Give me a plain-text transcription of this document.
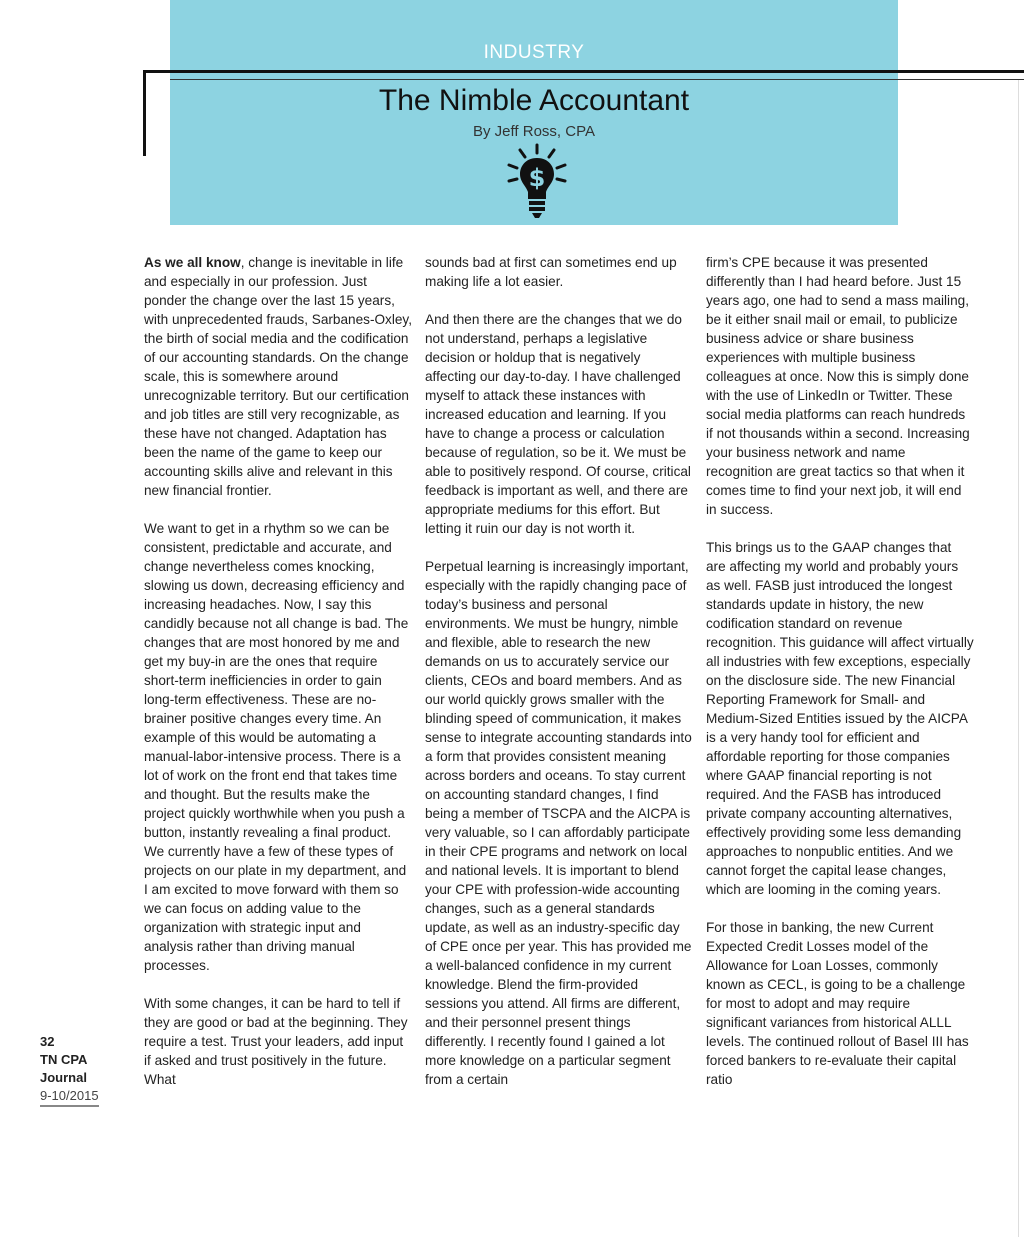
INDUSTRY
The Nimble Accountant
By Jeff Ross, CPA
$

As we all know, change is inevitable in life and especially in our profession. Just ponder the change over the last 15 years, with unprecedented frauds, Sarbanes-Oxley, the birth of social media and the codification of our accounting standards. On the change scale, this is somewhere around unrecognizable territory. But our certification and job titles are still very recognizable, as these have not changed. Adaptation has been the name of the game to keep our accounting skills alive and relevant in this new financial frontier.

We want to get in a rhythm so we can be consistent, predictable and accurate, and change nevertheless comes knocking, slowing us down, decreasing efficiency and increasing headaches. Now, I say this candidly because not all change is bad. The changes that are most honored by me and get my buy-in are the ones that require short-term inefficiencies in order to gain long-term effectiveness. These are no-brainer positive changes every time. An example of this would be automating a manual-labor-intensive process. There is a lot of work on the front end that takes time and thought. But the results make the project quickly worthwhile when you push a button, instantly revealing a final product. We currently have a few of these types of projects on our plate in my department, and I am excited to move forward with them so we can focus on adding value to the organization with strategic input and analysis rather than driving manual processes.

With some changes, it can be hard to tell if they are good or bad at the beginning. They require a test. Trust your leaders, add input if asked and trust positively in the future. What

sounds bad at first can sometimes end up making life a lot easier.

And then there are the changes that we do not understand, perhaps a legislative decision or holdup that is negatively affecting our day-to-day. I have challenged myself to attack these instances with increased education and learning. If you have to change a process or calculation because of regulation, so be it. We must be able to positively respond. Of course, critical feedback is important as well, and there are appropriate mediums for this effort. But letting it ruin our day is not worth it.

Perpetual learning is increasingly important, especially with the rapidly changing pace of today’s business and personal environments. We must be hungry, nimble and flexible, able to research the new demands on us to accurately service our clients, CEOs and board members. And as our world quickly grows smaller with the blinding speed of communication, it makes sense to integrate accounting standards into a form that provides consistent meaning across borders and oceans. To stay current on accounting standard changes, I find being a member of TSCPA and the AICPA is very valuable, so I can affordably participate in their CPE programs and network on local and national levels. It is important to blend your CPE with profession-wide accounting changes, such as a general standards update, as well as an industry-specific day of CPE once per year. This has provided me a well-balanced confidence in my current knowledge. Blend the firm-provided sessions you attend. All firms are different, and their personnel present things differently. I recently found I gained a lot more knowledge on a particular segment from a certain

firm’s CPE because it was presented differently than I had heard before. Just 15 years ago, one had to send a mass mailing, be it either snail mail or email, to publicize business advice or share business experiences with multiple business colleagues at once. Now this is simply done with the use of LinkedIn or Twitter. These social media platforms can reach hundreds if not thousands within a second. Increasing your business network and name recognition are great tactics so that when it comes time to find your next job, it will end in success.

This brings us to the GAAP changes that are affecting my world and probably yours as well. FASB just introduced the longest standards update in history, the new codification standard on revenue recognition. This guidance will affect virtually all industries with few exceptions, especially on the disclosure side. The new Financial Reporting Framework for Small- and Medium-Sized Entities issued by the AICPA is a very handy tool for efficient and affordable reporting for those companies where GAAP financial reporting is not required. And the FASB has introduced private company accounting alternatives, effectively providing some less demanding approaches to nonpublic entities. And we cannot forget the capital lease changes, which are looming in the coming years.

For those in banking, the new Current Expected Credit Losses model of the Allowance for Loan Losses, commonly known as CECL, is going to be a challenge for most to adopt and may require significant variances from historical ALLL levels. The continued rollout of Basel III has forced bankers to re-evaluate their capital ratio

32
TN CPA
Journal
9-10/2015
